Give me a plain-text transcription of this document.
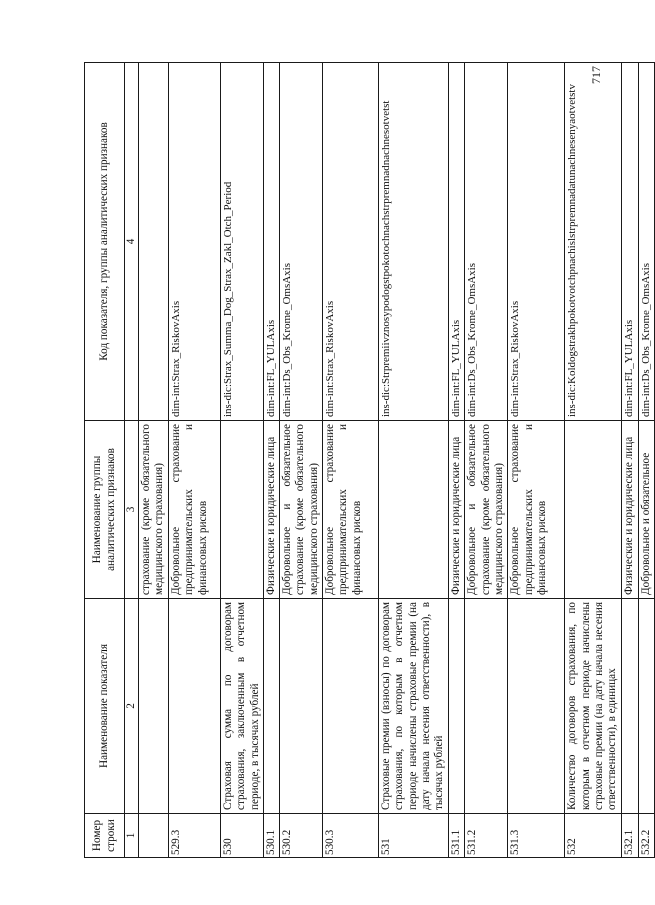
717
Номер строки	Наименование показателя	Наименование группы аналитических признаков	Код показателя, группы аналитических признаков
1	2	3	4
		страхование (кроме обязательного медицинского страхования)	
529.3		Добровольное страхование предпринимательских и финансовых рисков	dim-int:Strax_RiskovAxis
530	Страховая сумма по договорам страхования, заключенным в отчетном периоде, в тысячах рублей		ins-dic:Strax_Summa_Dog_Strax_Zakl_Otch_Period
530.1		Физические и юридические лица	dim-int:FL_YULAxis
530.2		Добровольное и обязательное страхование (кроме обязательного медицинского страхования)	dim-int:Ds_Obs_Krome_OmsAxis
530.3		Добровольное страхование предпринимательских и финансовых рисков	dim-int:Strax_RiskovAxis
531	Страховые премии (взносы) по договорам страхования, по которым в отчетном периоде начислены страховые премии (на дату начала несения ответственности), в тысячах рублей		ins-dic:Strpremiivznosypodogstpokotochnachstrpremnadnachnesotvetst
531.1		Физические и юридические лица	dim-int:FL_YULAxis
531.2		Добровольное и обязательное страхование (кроме обязательного медицинского страхования)	dim-int:Ds_Obs_Krome_OmsAxis
531.3		Добровольное страхование предпринимательских и финансовых рисков	dim-int:Strax_RiskovAxis
532	Количество договоров страхования, по которым в отчетном периоде начислены страховые премии (на дату начала несения ответственности), в единицах		ins-dic:Koldogstrakhpokotvotchpnachislstrpremnadatunachnesenyaotvetstv
532.1		Физические и юридические лица	dim-int:FL_YULAxis
532.2		Добровольное и обязательное	dim-int:Ds_Obs_Krome_OmsAxis
